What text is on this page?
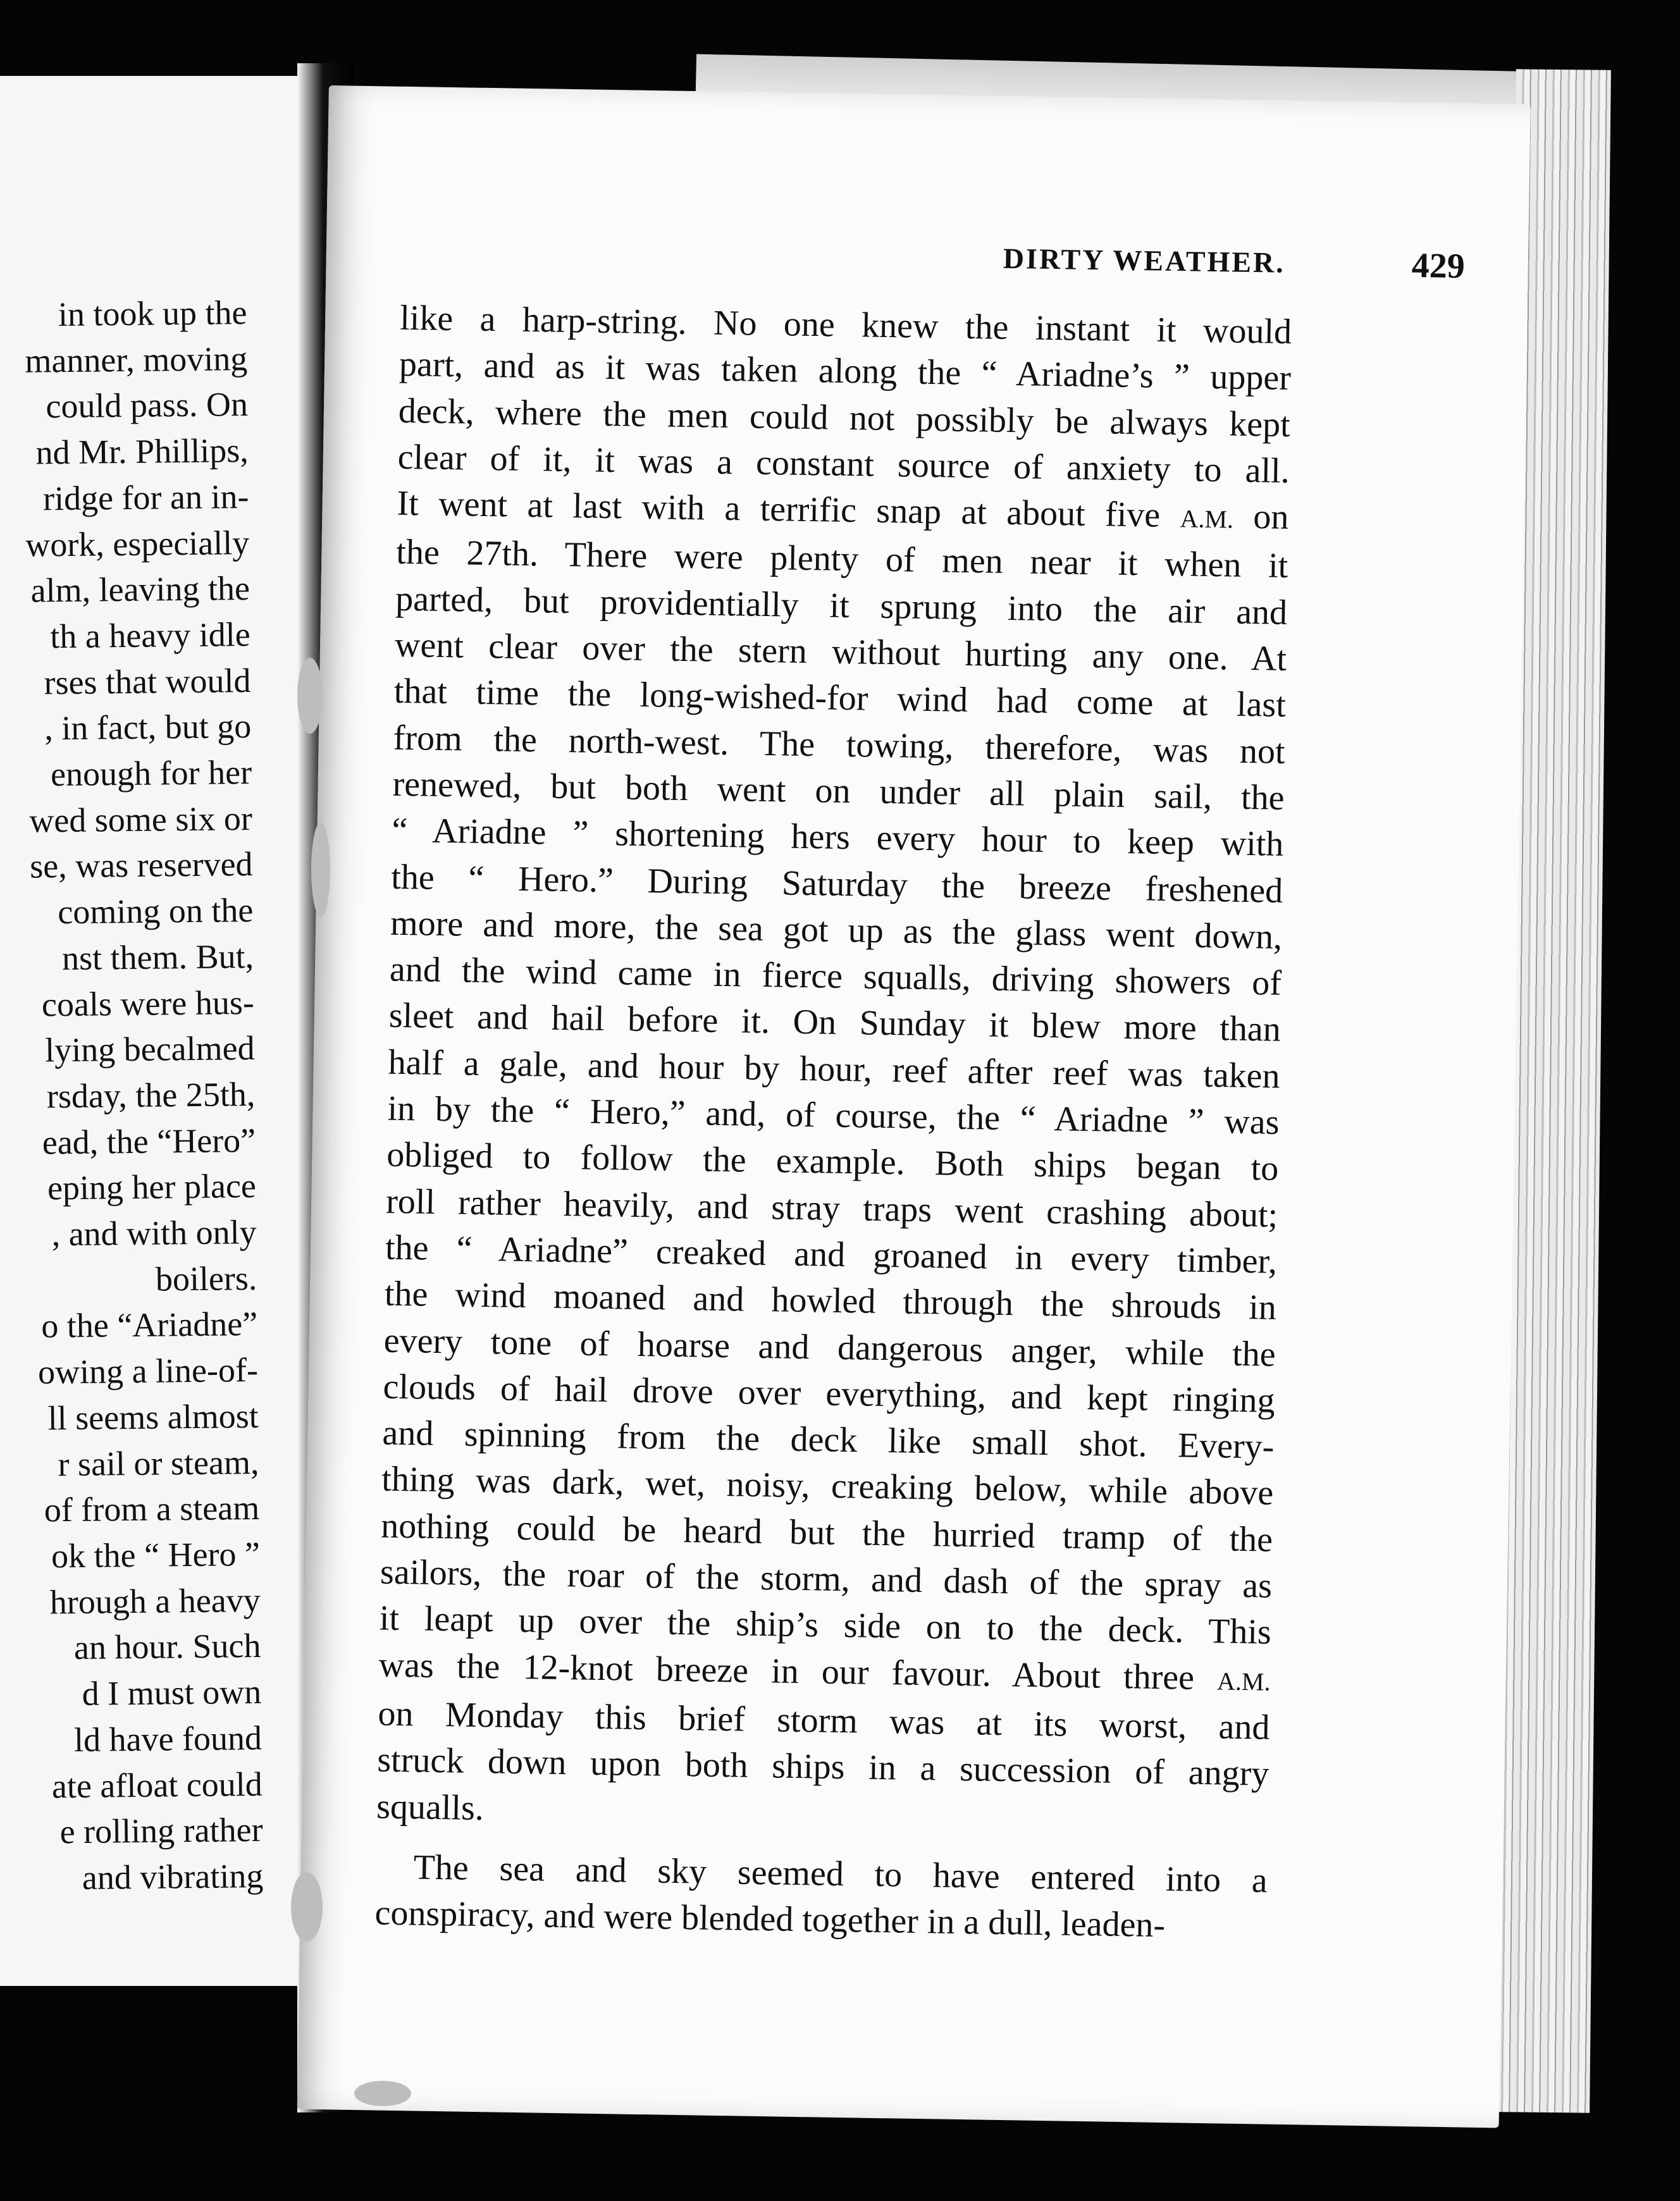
in took up the
manner, moving
could pass. On
nd Mr. Phillips,
ridge for an in-
work, especially
alm, leaving the
th a heavy idle
rses that would
, in fact, but go
enough for her
wed some six or
se, was reserved
coming on the
nst them. But,
coals were hus-
lying becalmed
rsday, the 25th,
ead, the “Hero”
eping her place
, and with only
boilers.
o the “Ariadne”
owing a line-of-
ll seems almost
r sail or steam,
of from a steam
ok the “ Hero ”
hrough a heavy
an hour. Such
d I must own
ld have found
ate afloat could
e rolling rather
and vibrating
DIRTY WEATHER.	429
like a harp-string. No one knew the instant it would
part, and as it was taken along the “ Ariadne’s ” upper
deck, where the men could not possibly be always kept
clear of it, it was a constant source of anxiety to all.
It went at last with a terrific snap at about five A.M. on
the 27th. There were plenty of men near it when it
parted, but providentially it sprung into the air and
went clear over the stern without hurting any one. At
that time the long-wished-for wind had come at last
from the north-west. The towing, therefore, was not
renewed, but both went on under all plain sail, the
“ Ariadne ” shortening hers every hour to keep with
the “ Hero.” During Saturday the breeze freshened
more and more, the sea got up as the glass went down,
and the wind came in fierce squalls, driving showers of
sleet and hail before it. On Sunday it blew more than
half a gale, and hour by hour, reef after reef was taken
in by the “ Hero,” and, of course, the “ Ariadne ” was
obliged to follow the example. Both ships began to
roll rather heavily, and stray traps went crashing about;
the “ Ariadne” creaked and groaned in every timber,
the wind moaned and howled through the shrouds in
every tone of hoarse and dangerous anger, while the
clouds of hail drove over everything, and kept ringing
and spinning from the deck like small shot. Every-
thing was dark, wet, noisy, creaking below, while above
nothing could be heard but the hurried tramp of the
sailors, the roar of the storm, and dash of the spray as
it leapt up over the ship’s side on to the deck. This
was the 12-knot breeze in our favour. About three A.M.
on Monday this brief storm was at its worst, and
struck down upon both ships in a succession of angry
squalls.
The sea and sky seemed to have entered into a
conspiracy, and were blended together in a dull, leaden-
